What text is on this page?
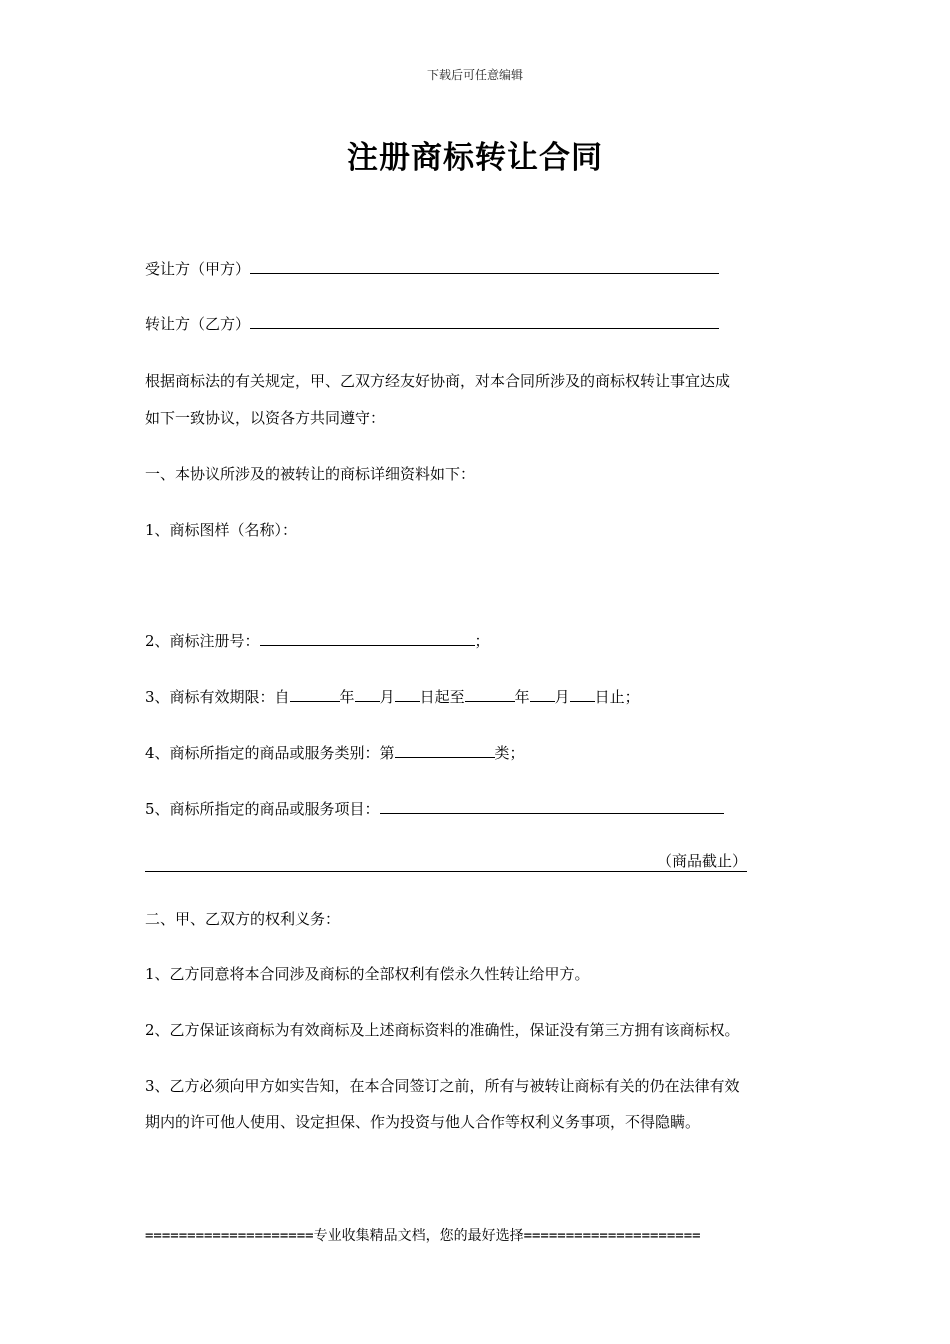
下载后可任意编辑
注册商标转让合同
受让方（甲方）
转让方（乙方）
根据商标法的有关规定，甲、乙双方经友好协商，对本合同所涉及的商标权转让事宜达成
如下一致协议，以资各方共同遵守：
一、本协议所涉及的被转让的商标详细资料如下：
1、商标图样（名称）：
2、商标注册号：	；
3、商标有效期限：自	年 月 日起至	年 月 日止；
4、商标所指定的商品或服务类别：第	类；
5、商标所指定的商品或服务项目：
（商品截止）
二、甲、乙双方的权利义务：
1、乙方同意将本合同涉及商标的全部权利有偿永久性转让给甲方。
2、乙方保证该商标为有效商标及上述商标资料的准确性，保证没有第三方拥有该商标权。
3、乙方必须向甲方如实告知，在本合同签订之前，所有与被转让商标有关的仍在法律有效
期内的许可他人使用、设定担保、作为投资与他人合作等权利义务事项，不得隐瞒。
====================专业收集精品文档，您的最好选择=====================
